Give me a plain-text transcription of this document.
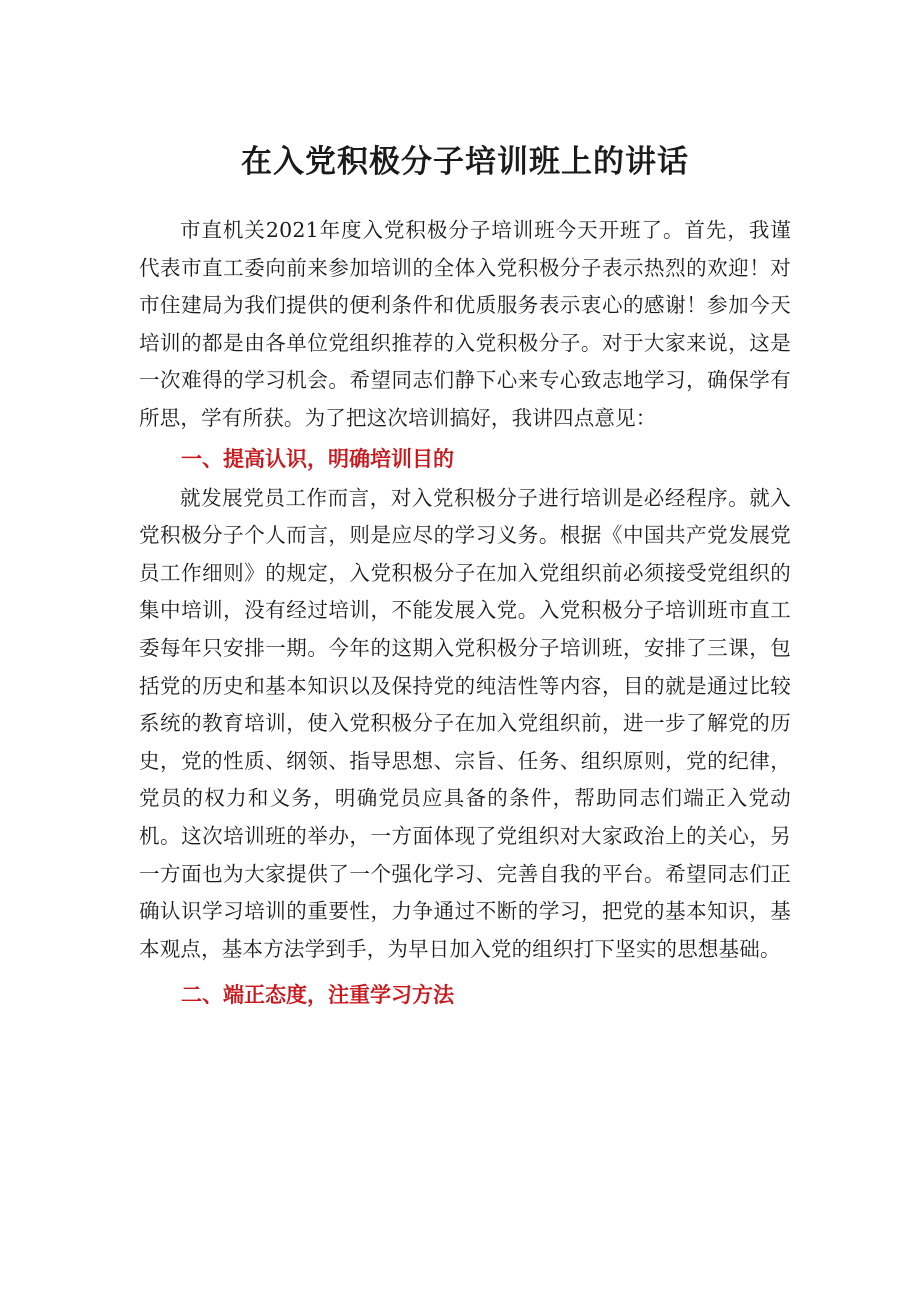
在入党积极分子培训班上的讲话

市直机关2021年度入党积极分子培训班今天开班了。首先，我谨代表市直工委向前来参加培训的全体入党积极分子表示热烈的欢迎！对市住建局为我们提供的便利条件和优质服务表示衷心的感谢！参加今天培训的都是由各单位党组织推荐的入党积极分子。对于大家来说，这是一次难得的学习机会。希望同志们静下心来专心致志地学习，确保学有所思，学有所获。为了把这次培训搞好，我讲四点意见：

一、提高认识，明确培训目的

就发展党员工作而言，对入党积极分子进行培训是必经程序。就入党积极分子个人而言，则是应尽的学习义务。根据《中国共产党发展党员工作细则》的规定，入党积极分子在加入党组织前必须接受党组织的集中培训，没有经过培训，不能发展入党。入党积极分子培训班市直工委每年只安排一期。今年的这期入党积极分子培训班，安排了三课，包括党的历史和基本知识以及保持党的纯洁性等内容，目的就是通过比较系统的教育培训，使入党积极分子在加入党组织前，进一步了解党的历史，党的性质、纲领、指导思想、宗旨、任务、组织原则，党的纪律，党员的权力和义务，明确党员应具备的条件，帮助同志们端正入党动机。这次培训班的举办，一方面体现了党组织对大家政治上的关心，另一方面也为大家提供了一个强化学习、完善自我的平台。希望同志们正确认识学习培训的重要性，力争通过不断的学习，把党的基本知识，基本观点，基本方法学到手，为早日加入党的组织打下坚实的思想基础。

二、端正态度，注重学习方法
